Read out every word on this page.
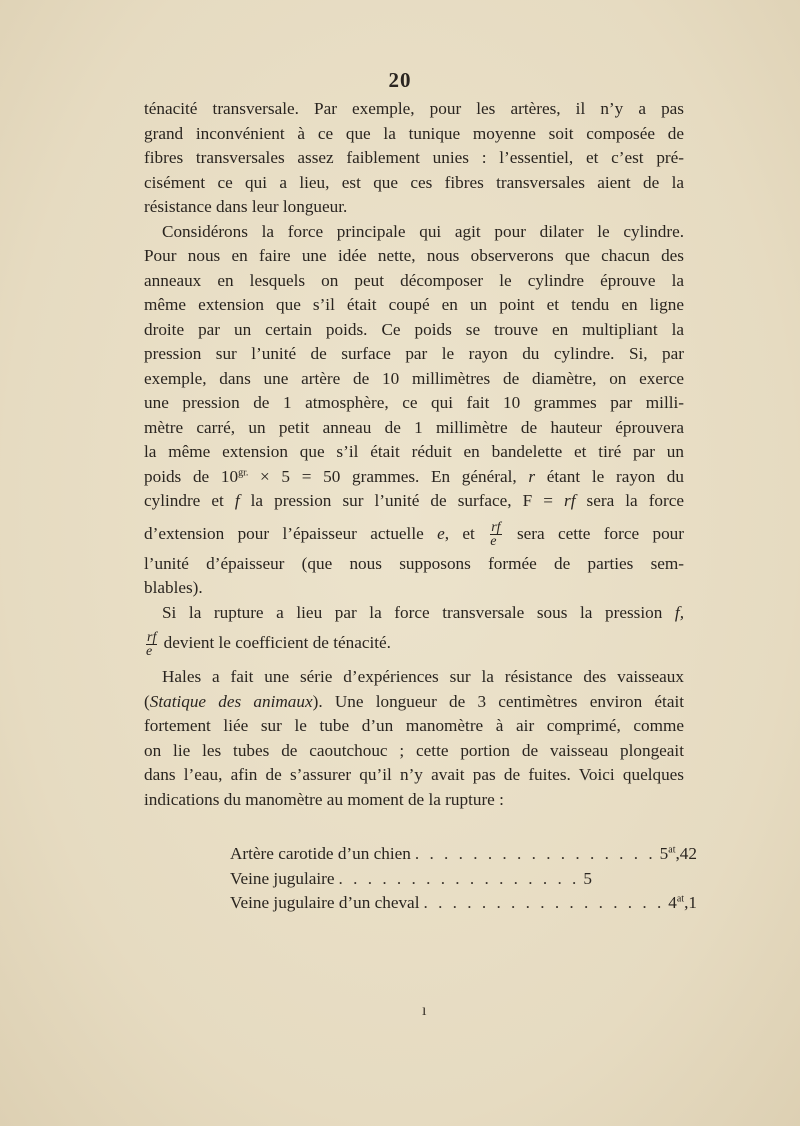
20

ténacité transversale. Par exemple, pour les artères, il n’y a pas
grand inconvénient à ce que la tunique moyenne soit composée de
fibres transversales assez faiblement unies : l’essentiel, et c’est pré-
cisément ce qui a lieu, est que ces fibres transversales aient de la
résistance dans leur longueur.

Considérons la force principale qui agit pour dilater le cylindre.
Pour nous en faire une idée nette, nous observerons que chacun des
anneaux en lesquels on peut décomposer le cylindre éprouve la
même extension que s’il était coupé en un point et tendu en ligne
droite par un certain poids. Ce poids se trouve en multipliant la
pression sur l’unité de surface par le rayon du cylindre. Si, par
exemple, dans une artère de 10 millimètres de diamètre, on exerce
une pression de 1 atmosphère, ce qui fait 10 grammes par milli-
mètre carré, un petit anneau de 1 millimètre de hauteur éprouvera
la même extension que s’il était réduit en bandelette et tiré par un
poids de $10^{gr.} \times 5 = 50$ grammes. En général, r étant le rayon du
cylindre et f la pression sur l’unité de surface, F = rf sera la force
d’extension pour l’épaisseur actuelle e, et $\frac{rf}{e}$ sera cette force pour
l’unité d’épaisseur (que nous supposons formée de parties sem-
blables).

Si la rupture a lieu par la force transversale sous la pression f,
$\frac{rf}{e}$ devient le coefficient de ténacité.

Hales a fait une série d’expériences sur la résistance des vaisseaux
(Statique des animaux). Une longueur de 3 centimètres environ était
fortement liée sur le tube d’un manomètre à air comprimé, comme
on lie les tubes de caoutchouc ; cette portion de vaisseau plongeait
dans l’eau, afin de s’assurer qu’il n’y avait pas de fuites. Voici quelques
indications du manomètre au moment de la rupture :

Artère carotide d’un chien . . . . . . . . . . . . . . . . . $5^{at},42$
Veine jugulaire . . . . . . . . . . . . . . . . . 5
Veine jugulaire d’un cheval . . . . . . . . . . . . . . . . . $4^{at},1$
ı
